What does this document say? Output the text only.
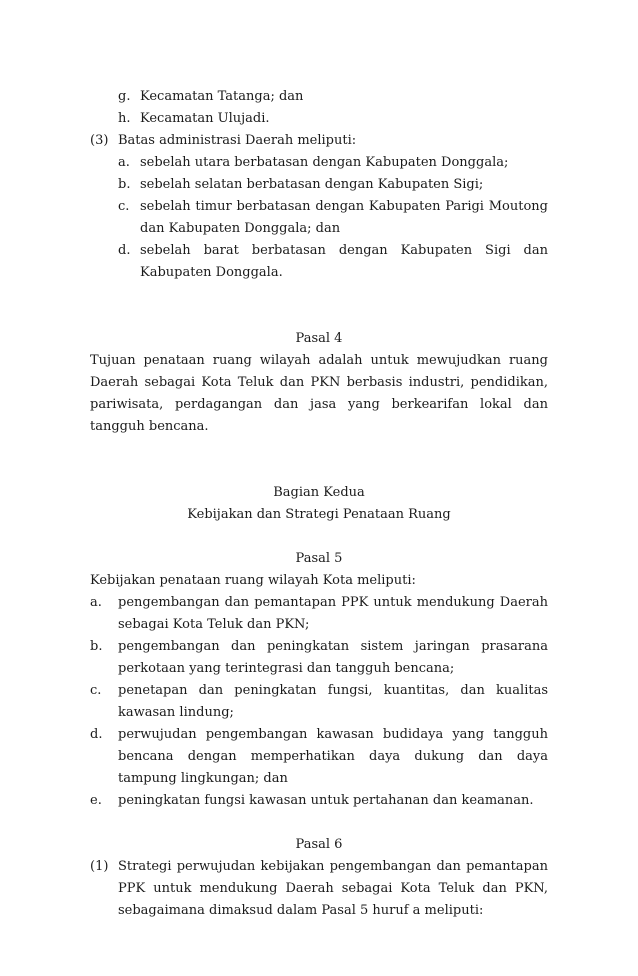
g. Kecamatan Tatanga; dan
h. Kecamatan Ulujadi.
(3) Batas administrasi Daerah meliputi:
a. sebelah utara berbatasan dengan Kabupaten Donggala;
b. sebelah selatan berbatasan dengan Kabupaten Sigi;
c. sebelah timur berbatasan dengan Kabupaten Parigi Moutong dan Kabupaten Donggala; dan
d. sebelah barat berbatasan dengan Kabupaten Sigi dan Kabupaten Donggala.
Pasal 4
Tujuan penataan ruang wilayah adalah untuk mewujudkan ruang Daerah sebagai Kota Teluk dan PKN berbasis industri, pendidikan, pariwisata, perdagangan dan jasa yang berkearifan lokal dan tangguh bencana.
Bagian Kedua
Kebijakan dan Strategi Penataan Ruang
Pasal 5
Kebijakan penataan ruang wilayah Kota meliputi:
a.	pengembangan dan pemantapan PPK untuk mendukung Daerah sebagai Kota Teluk dan PKN;
b.	pengembangan dan peningkatan sistem jaringan prasarana perkotaan yang terintegrasi dan tangguh bencana;
c.	penetapan dan peningkatan fungsi, kuantitas, dan kualitas kawasan lindung;
d.	perwujudan pengembangan kawasan budidaya yang tangguh bencana dengan memperhatikan daya dukung dan daya tampung lingkungan; dan
e.	peningkatan fungsi kawasan untuk pertahanan dan keamanan.
Pasal 6
(1) Strategi perwujudan kebijakan pengembangan dan pemantapan PPK untuk mendukung Daerah sebagai Kota Teluk dan PKN, sebagaimana dimaksud dalam Pasal 5 huruf a meliputi:
